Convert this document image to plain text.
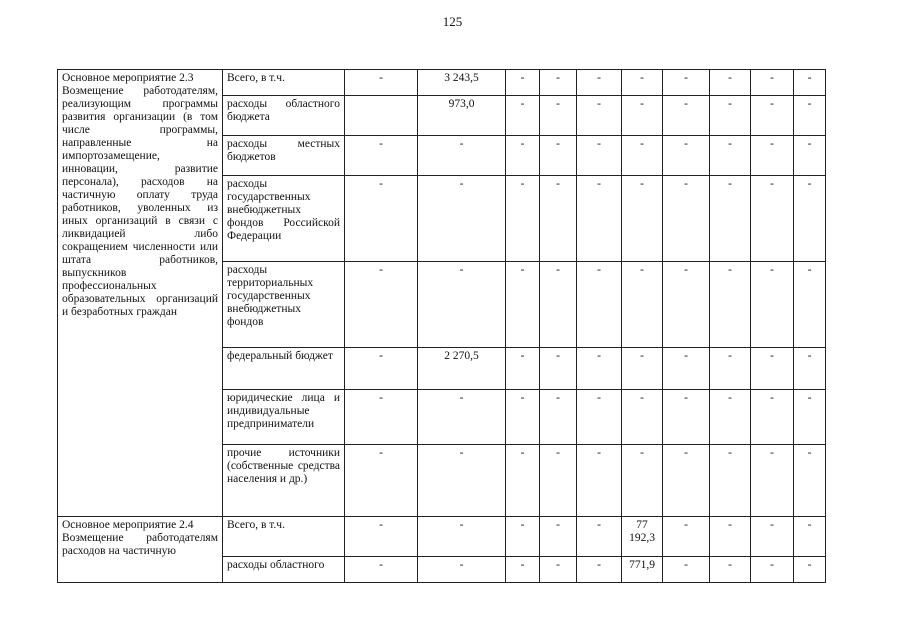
125
Основное мероприятие 2.3
Возмещение работодателям, реализующим программы развития организации (в том числе программы, направленные на импортозамещение, инновации, развитие персонала), расходов на частичную оплату труда работников, уволенных из иных организаций в связи с ликвидацией либо сокращением численности или штата работников, выпускников профессиональных образовательных организаций и безработных граждан	Всего, в т.ч.	-	3 243,5	-	-	-	-	-	-	-	-
	расходы областного бюджета		973,0	-	-	-	-	-	-	-	-
	расходы местных бюджетов	-	-	-	-	-	-	-	-	-	-
	расходы государственных внебюджетных фондов Российской Федерации	-	-	-	-	-	-	-	-	-	-
	расходы территориальных государственных внебюджетных фондов	-	-	-	-	-	-	-	-	-	-
	федеральный бюджет	-	2 270,5	-	-	-	-	-	-	-	-
	юридические лица и индивидуальные предприниматели	-	-	-	-	-	-	-	-	-	-
	прочие источники (собственные средства населения и др.)	-	-	-	-	-	-	-	-	-	-

Основное мероприятие 2.4
Возмещение работодателям расходов на частичную	Всего, в т.ч.	-	-	-	-	-	77 192,3	-	-	-	-
	расходы областного	-	-	-	-	-	771,9	-	-	-	-
